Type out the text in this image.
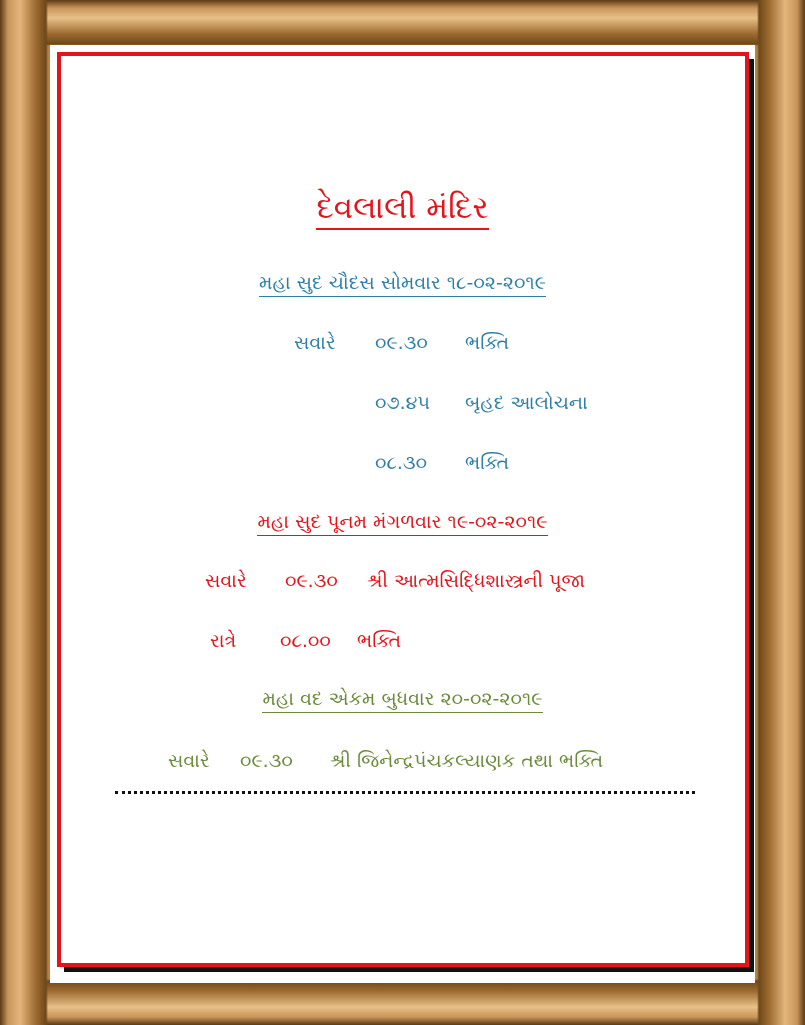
દેવલાલી મંદિર
મહા સુદ ચૌદસ સોમવાર ૧૮-૦૨-૨૦૧૯
સવારે ૦૯.૩૦ ભક્તિ
૦૭.૪૫ બૃહદ આલોચના
૦૮.૩૦ ભક્તિ
મહા સુદ પૂનમ મંગળવાર ૧૯-૦૨-૨૦૧૯
સવારે ૦૯.૩૦ શ્રી આત્મસિદ્ધિશાસ્ત્રની પૂજા
રાત્રે ૦૮.૦૦ ભક્તિ
મહા વદ એકમ બુધવાર ૨૦-૦૨-૨૦૧૯
સવારે ૦૯.૩૦ શ્રી જિનેન્દ્રપંચકલ્યાણક તથા ભક્તિ
